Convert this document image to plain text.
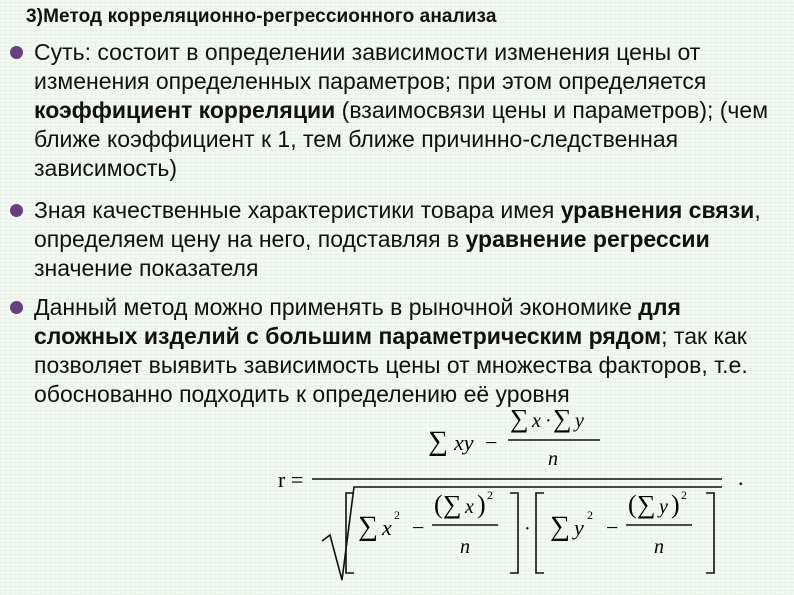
3)Метод корреляционно-регрессионного анализа
Суть: состоит в определении зависимости изменения цены от изменения определенных параметров; при этом определяется коэффициент корреляции (взаимосвязи цены и параметров); (чем ближе коэффициент к 1, тем ближе причинно-следственная зависимость)
Зная качественные характеристики товара имея уравнения связи, определяем цену на него, подставляя в уравнение регрессии значение показателя
Данный метод можно применять в рыночной экономике для сложных изделий с большим параметрическим рядом; так как позволяет выявить зависимость цены от множества факторов, т.е. обоснованно подходить к определению её уровня
r =
∑ xy −
∑ x · ∑ y
n
.
∑ x 2 −
( ∑ x ) 2
n
· ∑ y 2 −
( ∑ y ) 2
n
